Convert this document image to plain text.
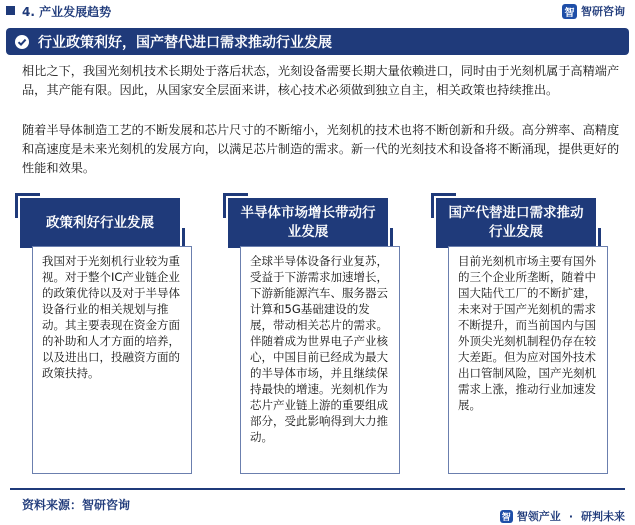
4. 产业发展趋势	智 智研咨询
行业政策利好，国产替代进口需求推动行业发展

相比之下，我国光刻机技术长期处于落后状态，光刻设备需要长期大量依赖进口，同时由于光刻机属于高精端产品，其产能有限。因此，从国家安全层面来讲，核心技术必须做到独立自主，相关政策也持续推出。

随着半导体制造工艺的不断发展和芯片尺寸的不断缩小，光刻机的技术也将不断创新和升级。高分辨率、高精度和高速度是未来光刻机的发展方向，以满足芯片制造的需求。新一代的光刻技术和设备将不断涌现，提供更好的性能和效果。

政策利好行业发展
我国对于光刻机行业较为重视。对于整个IC产业链企业的政策优待以及对于半导体设备行业的相关规划与推动。其主要表现在资金方面的补助和人才方面的培养，以及进出口，投融资方面的政策扶持。
半导体市场增长带动行业发展
全球半导体设备行业复苏，受益于下游需求加速增长，下游新能源汽车、服务器云计算和5G基础建设的发展，带动相关芯片的需求。伴随着成为世界电子产业核心，中国目前已经成为最大的半导体市场，并且继续保持最快的增速。光刻机作为芯片产业链上游的重要组成部分，受此影响得到大力推动。
国产代替进口需求推动行业发展
目前光刻机市场主要有国外的三个企业所垄断，随着中国大陆代工厂的不断扩建，未来对于国产光刻机的需求不断提升，而当前国内与国外顶尖光刻机制程仍存在较大差距。但为应对国外技术出口管制风险，国产光刻机需求上涨，推动行业加速发展。
资料来源：智研咨询
智 智领产业 · 研判未来
